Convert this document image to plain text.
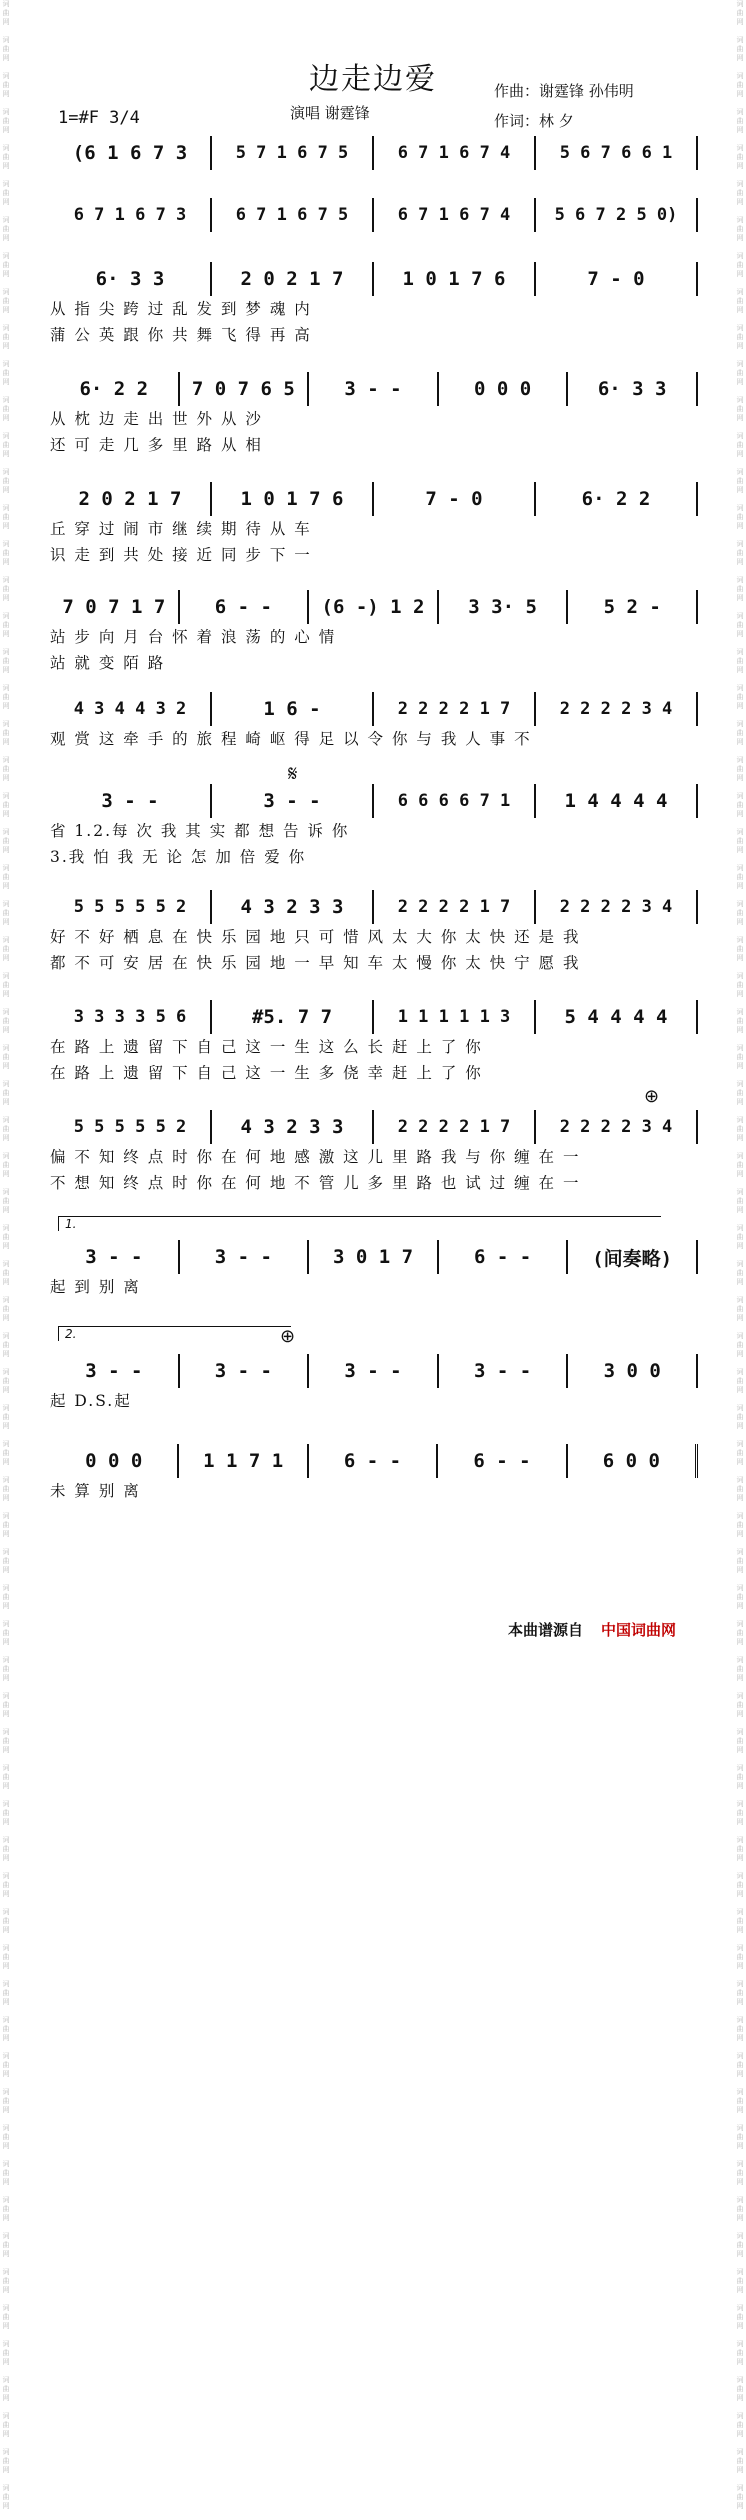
词
曲
网

词
曲
网

词
曲
网

词
曲
网

词
曲
网

词
曲
网

词
曲
网

词
曲
网

词
曲
网

词
曲
网

词
曲
网

词
曲
网

词
曲
网

词
曲
网

词
曲
网

词
曲
网

词
曲
网

词
曲
网

词
曲
网

词
曲
网

词
曲
网

词
曲
网

词
曲
网

词
曲
网

词
曲
网

词
曲
网

词
曲
网

词
曲
网

词
曲
网

词
曲
网

词
曲
网

词
曲
网

词
曲
网

词
曲
网

词
曲
网

词
曲
网

词
曲
网

词
曲
网

词
曲
网

词
曲
网

词
曲
网

词
曲
网

词
曲
网

词
曲
网

词
曲
网

词
曲
网

词
曲
网

词
曲
网

词
曲
网

词
曲
网

词
曲
网

词
曲
网

词
曲
网

词
曲
网

词
曲
网

词
曲
网

词
曲
网

词
曲
网

词
曲
网

词
曲
网

词
曲
网

词
曲
网

词
曲
网

词
曲
网

词
曲
网

词
曲
网

词
曲
网

词
曲
网

词
曲
网

词
曲
网

词
曲
网

词
曲
网

词
曲
网

词
曲
网

词
曲
网

词
曲
网

词
曲
网

词
曲
网

词
曲
网

词
曲
网

词
曲
网

词
曲
网

词
曲
网

词
曲
网

词
曲
网

词
曲
网

词
曲
网

词
曲
网

词
曲
网

词
曲
网

词
曲
网

词
曲
网

词
曲
网

词
曲
网

词
曲
网

词
曲
网

词
曲
网

词
曲
网

词
曲
网

词
曲
网

词
曲
网

词
曲
网

词
曲
网

词
曲
网

词
曲
网

词
曲
网

词
曲
网

词
曲
网

词
曲
网

词
曲
网

词
曲
网

词
曲
网

词
曲
网

词
曲
网

词
曲
网

词
曲
网

词
曲
网

词
曲
网

词
曲
网

词
曲
网

词
曲
网

词
曲
网

词
曲
网

词
曲
网

词
曲
网

词
曲
网

词
曲
网

词
曲
网

词
曲
网

词
曲
网

词
曲
网

词
曲
网

词
曲
网

词
曲
网

词
曲
网

词
曲
网

词
曲
网

词
曲
网

词
曲
网

词
曲
网

边走边爱	作曲：谢霆锋 孙伟明
作词：林 夕
演唱 谢霆锋
1=#F 3/4
(6 1 6 7 3	5 7 1 6 7 5	6 7 1 6 7 4	5 6 7 6 6 1
6 7 1 6 7 3	6 7 1 6 7 5	6 7 1 6 7 4	5 6 7 2 5 0)
6· 3 3	2 0 2 1 7	1 0 1 7 6	7 - 0
从 指 尖 跨 过 乱 发 到 梦 魂 内
蒲 公 英 跟 你 共 舞 飞 得 再 高
6· 2 2	7 0 7 6 5	3 - -	0 0 0	6· 3 3
从 枕 边 走 出 世 外 从 沙
还 可 走 几 多 里 路 从 相
2 0 2 1 7	1 0 1 7 6	7 - 0	6· 2 2
丘 穿 过 闹 市 继 续 期 待 从 车
识 走 到 共 处 接 近 同 步 下 一
7 0 7 1 7	6 - -	(6 -) 1 2	3 3· 5	5 2 -
站 步 向 月 台 怀 着 浪 荡 的 心 情
站 就 变 陌 路
4 3 4 4 3 2	1 6 -	2 2 2 2 1 7	2 2 2 2 3 4
观 赏 这 牵 手 的 旅 程 崎 岖 得 足 以 令 你 与 我 人 事 不
3 - -	3 - -	6 6 6 6 7 1	1 4 4 4 4
省 1.2.每 次 我 其 实 都 想 告 诉 你
3.我 怕 我 无 论 怎 加 倍 爱 你
5 5 5 5 5 2	4 3 2 3 3	2 2 2 2 1 7	2 2 2 2 3 4
好 不 好 栖 息 在 快 乐 园 地 只 可 惜 风 太 大 你 太 快 还 是 我
都 不 可 安 居 在 快 乐 园 地 一 早 知 车 太 慢 你 太 快 宁 愿 我
3 3 3 3 5 6	#5. 7 7	1 1 1 1 1 3	5 4 4 4 4
在 路 上 遗 留 下 自 己 这 一 生 这 么 长 赶 上 了 你
在 路 上 遗 留 下 自 己 这 一 生 多 侥 幸 赶 上 了 你
5 5 5 5 5 2	4 3 2 3 3	2 2 2 2 1 7	2 2 2 2 3 4
偏 不 知 终 点 时 你 在 何 地 感 激 这 儿 里 路 我 与 你 缠 在 一
不 想 知 终 点 时 你 在 何 地 不 管 儿 多 里 路 也 试 过 缠 在 一
3 - -	3 - -	3 0 1 7	6 - -	(间奏略)
起 到 别 离
3 - -	3 - -	3 - -	3 - -	3 0 0
起 D.S.起
0 0 0	1 1 7 1	6 - -	6 - -	6 0 0
未 算 别 离
𝄋
⊕
⊕
1.
2.
本曲谱源自 中国词曲网
